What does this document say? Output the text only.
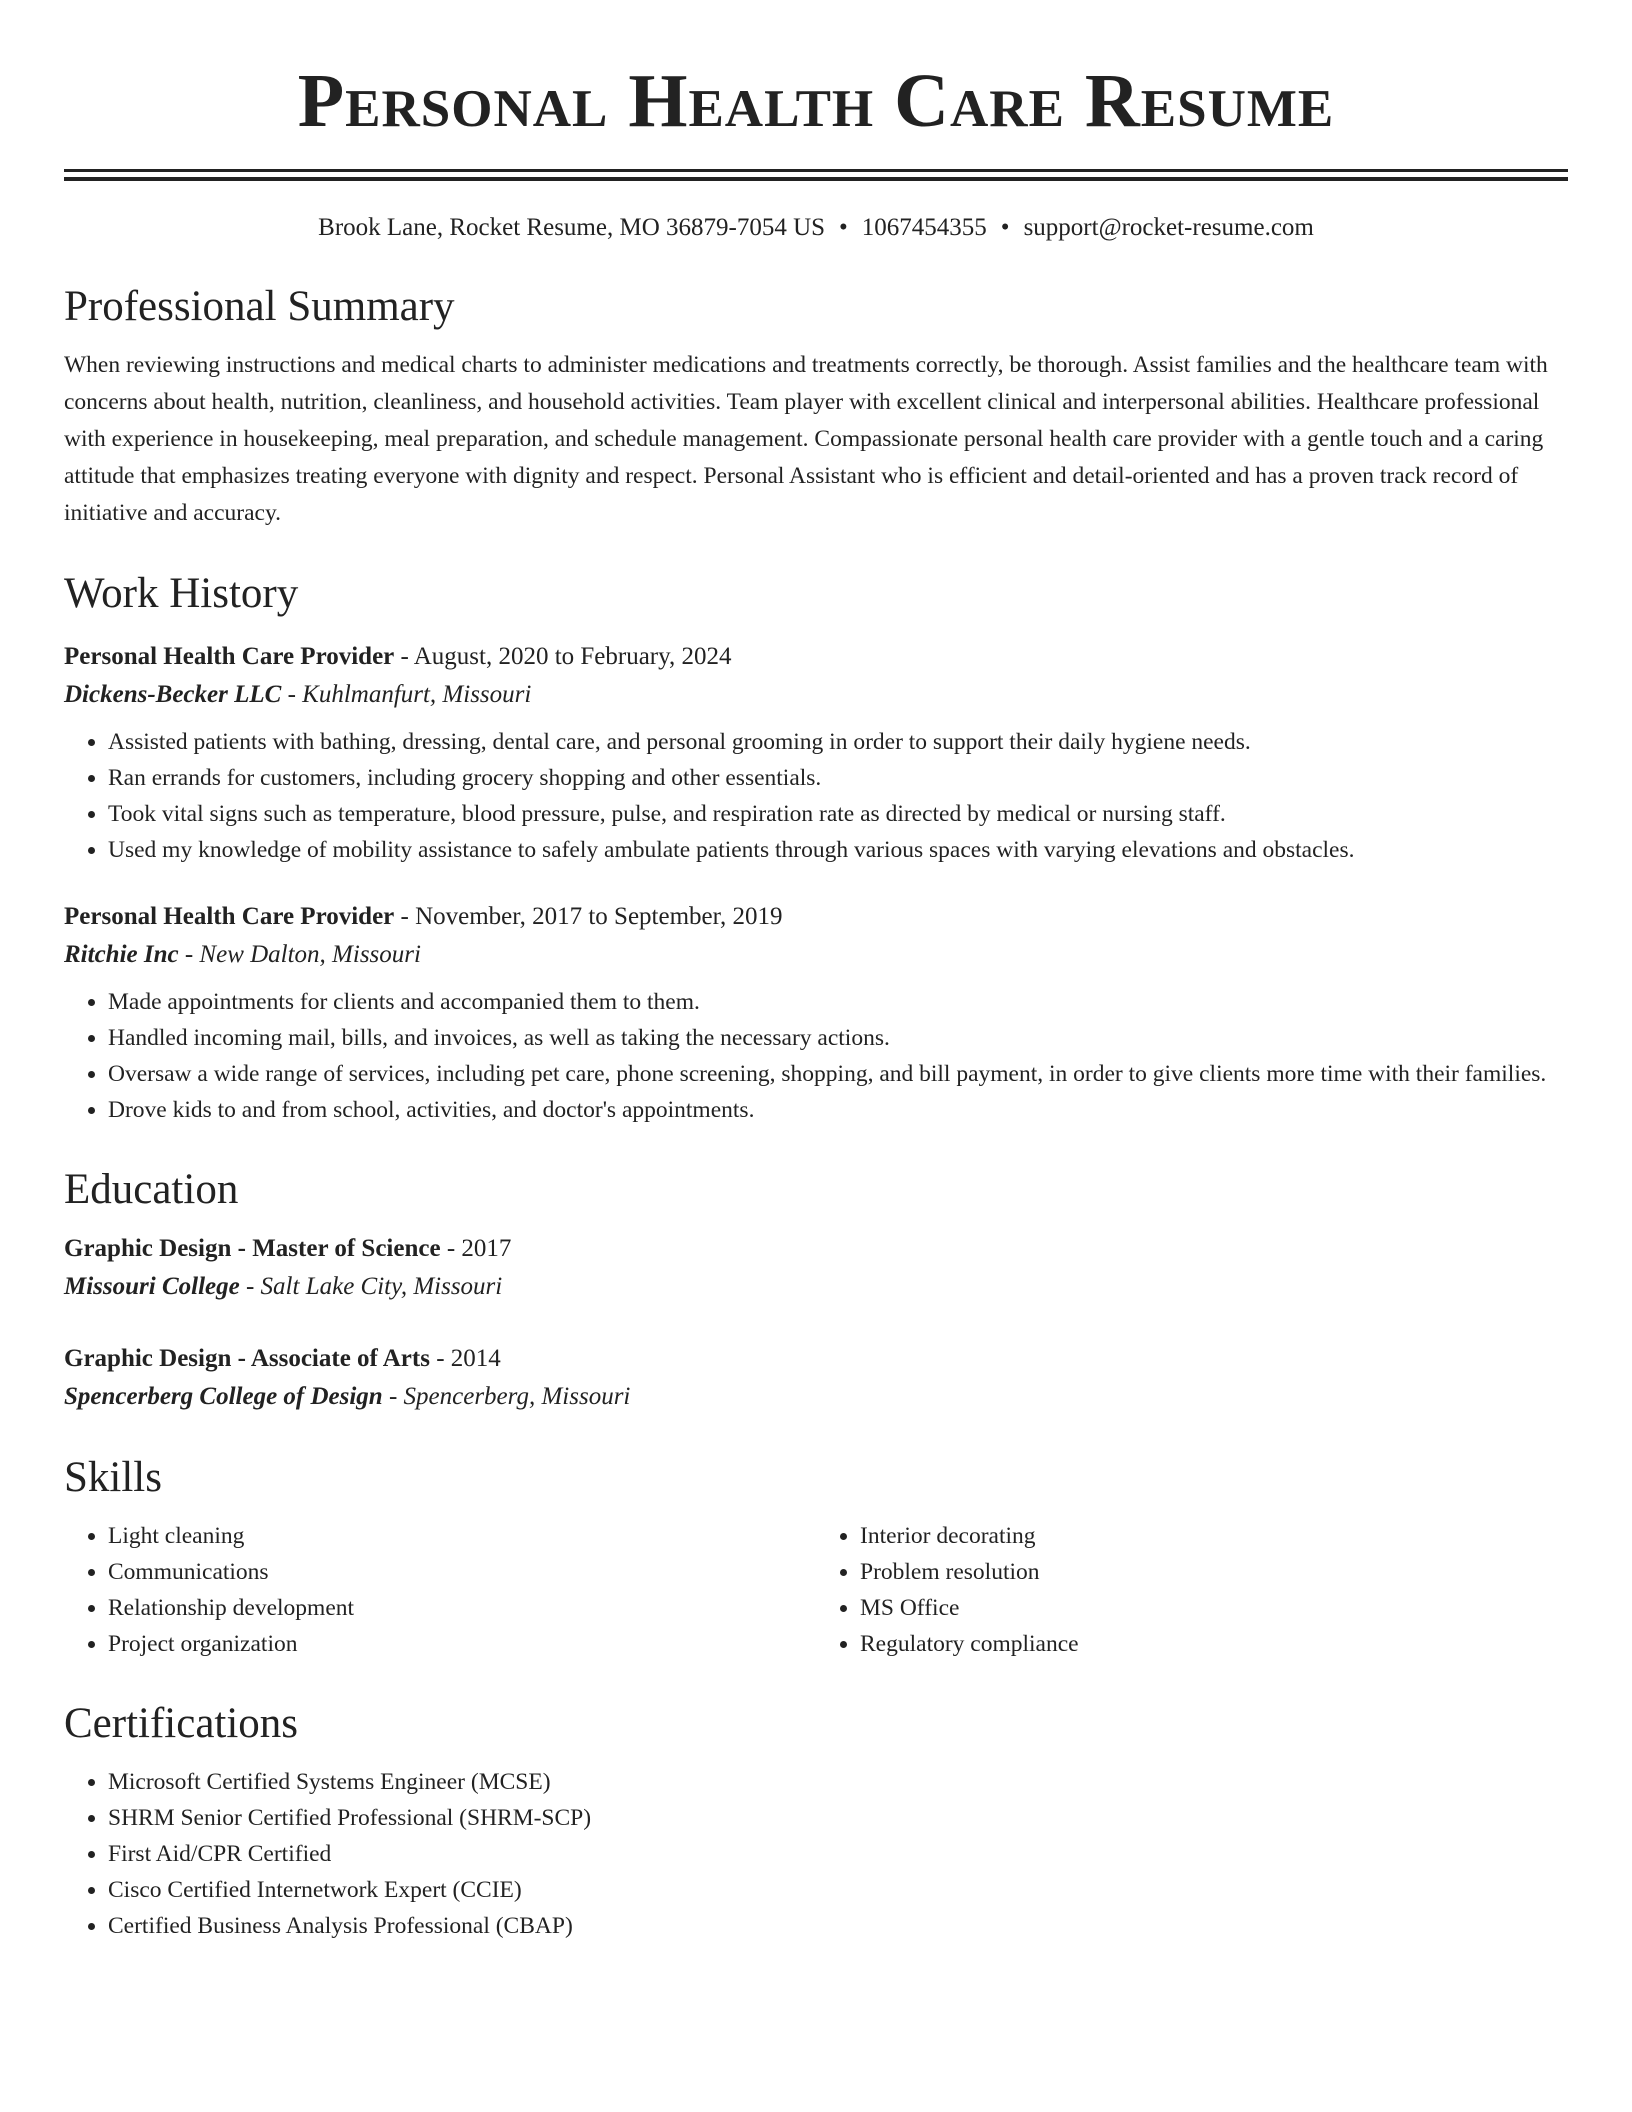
Personal Health Care Resume
Brook Lane, Rocket Resume, MO 36879-7054 US • 1067454355 • support@rocket-resume.com
Professional Summary

When reviewing instructions and medical charts to administer medications and treatments correctly, be thorough. Assist families and the healthcare team with concerns about health, nutrition, cleanliness, and household activities. Team player with excellent clinical and interpersonal abilities. Healthcare professional with experience in housekeeping, meal preparation, and schedule management. Compassionate personal health care provider with a gentle touch and a caring attitude that emphasizes treating everyone with dignity and respect. Personal Assistant who is efficient and detail-oriented and has a proven track record of initiative and accuracy.

Work History

Personal Health Care Provider - August, 2020 to February, 2024

Dickens-Becker LLC - Kuhlmanfurt, Missouri

• Assisted patients with bathing, dressing, dental care, and personal grooming in order to support their daily hygiene needs.
• Ran errands for customers, including grocery shopping and other essentials.
• Took vital signs such as temperature, blood pressure, pulse, and respiration rate as directed by medical or nursing staff.
• Used my knowledge of mobility assistance to safely ambulate patients through various spaces with varying elevations and obstacles.

Personal Health Care Provider - November, 2017 to September, 2019

Ritchie Inc - New Dalton, Missouri

• Made appointments for clients and accompanied them to them.
• Handled incoming mail, bills, and invoices, as well as taking the necessary actions.
• Oversaw a wide range of services, including pet care, phone screening, shopping, and bill payment, in order to give clients more time with their families.
• Drove kids to and from school, activities, and doctor's appointments.
Education

Graphic Design - Master of Science - 2017

Missouri College - Salt Lake City, Missouri

Graphic Design - Associate of Arts - 2014

Spencerberg College of Design - Spencerberg, Missouri

Skills
• Light cleaning
• Communications
• Relationship development
• Project organization
• Interior decorating
• Problem resolution
• MS Office
• Regulatory compliance
Certifications
• Microsoft Certified Systems Engineer (MCSE)
• SHRM Senior Certified Professional (SHRM-SCP)
• First Aid/CPR Certified
• Cisco Certified Internetwork Expert (CCIE)
• Certified Business Analysis Professional (CBAP)
